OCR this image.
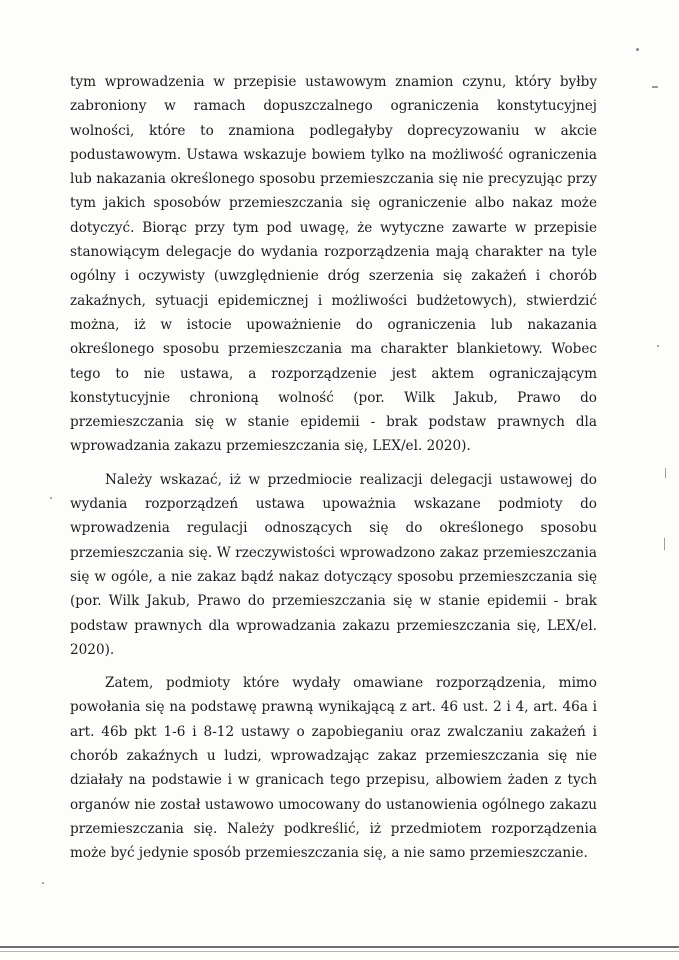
tym wprowadzenia w przepisie ustawowym znamion czynu, który byłby zabroniony w ramach dopuszczalnego ograniczenia konstytucyjnej wolności, które to znamiona podlegałyby doprecyzowaniu w akcie podustawowym. Ustawa wskazuje bowiem tylko na możliwość ograniczenia lub nakazania określonego sposobu przemieszczania się nie precyzując przy tym jakich sposobów przemieszczania się ograniczenie albo nakaz może dotyczyć. Biorąc przy tym pod uwagę, że wytyczne zawarte w przepisie stanowiącym delegacje do wydania rozporządzenia mają charakter na tyle ogólny i oczywisty (uwzględnienie dróg szerzenia się zakażeń i chorób zakaźnych, sytuacji epidemicznej i możliwości budżetowych), stwierdzić można, iż w istocie upoważnienie do ograniczenia lub nakazania określonego sposobu przemieszczania ma charakter blankietowy. Wobec tego to nie ustawa, a rozporządzenie jest aktem ograniczającym konstytucyjnie chronioną wolność (por. Wilk Jakub, Prawo do przemieszczania się w stanie epidemii - brak podstaw prawnych dla wprowadzania zakazu przemieszczania się, LEX/el. 2020).

Należy wskazać, iż w przedmiocie realizacji delegacji ustawowej do wydania rozporządzeń ustawa upoważnia wskazane podmioty do wprowadzenia regulacji odnoszących się do określonego sposobu przemieszczania się. W rzeczywistości wprowadzono zakaz przemieszczania się w ogóle, a nie zakaz bądź nakaz dotyczący sposobu przemieszczania się (por. Wilk Jakub, Prawo do przemieszczania się w stanie epidemii - brak podstaw prawnych dla wprowadzania zakazu przemieszczania się, LEX/el. 2020).

Zatem, podmioty które wydały omawiane rozporządzenia, mimo powołania się na podstawę prawną wynikającą z art. 46 ust. 2 i 4, art. 46a i art. 46b pkt 1-6 i 8-12 ustawy o zapobieganiu oraz zwalczaniu zakażeń i chorób zakaźnych u ludzi, wprowadzając zakaz przemieszczania się nie działały na podstawie i w granicach tego przepisu, albowiem żaden z tych organów nie został ustawowo umocowany do ustanowienia ogólnego zakazu przemieszczania się. Należy podkreślić, iż przedmiotem rozporządzenia może być jedynie sposób przemieszczania się, a nie samo przemieszczanie.
